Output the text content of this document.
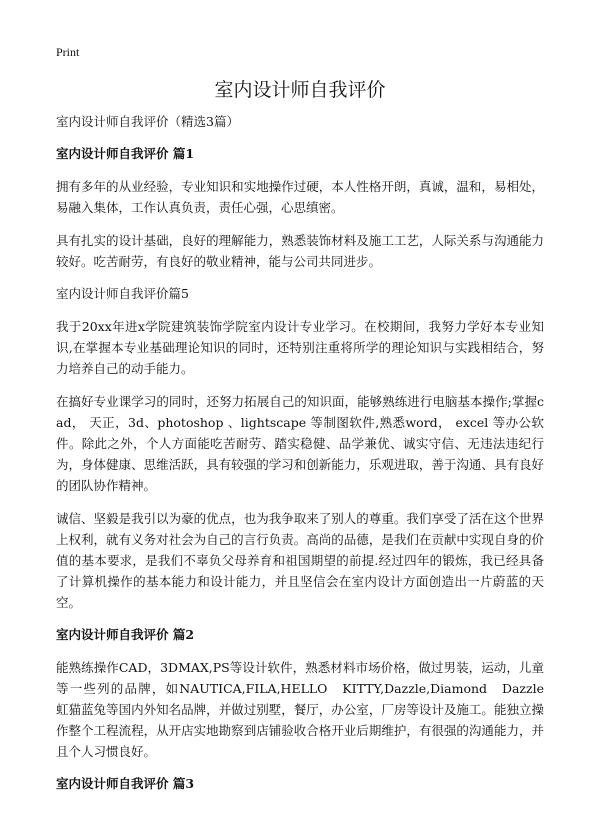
Print

室内设计师自我评价

室内设计师自我评价（精选3篇）

室内设计师自我评价 篇1

拥有多年的从业经验，专业知识和实地操作过硬，本人性格开朗，真诚，温和，易相处，易融入集体，工作认真负责，责任心强，心思缜密。

具有扎实的设计基础，良好的理解能力，熟悉装饰材料及施工工艺，人际关系与沟通能力较好。吃苦耐劳，有良好的敬业精神，能与公司共同进步。

室内设计师自我评价篇5

我于20xx年进x学院建筑装饰学院室内设计专业学习。在校期间，我努力学好本专业知识,在掌握本专业基础理论知识的同时，还特别注重将所学的理论知识与实践相结合，努力培养自己的动手能力。

在搞好专业课学习的同时，还努力拓展自己的知识面，能够熟练进行电脑基本操作;掌握cad， 天正，3d、photoshop 、lightscape 等制图软件,熟悉word， excel 等办公软件。除此之外，个人方面能吃苦耐劳、踏实稳健、品学兼优、诚实守信、无违法违纪行为，身体健康、思维活跃，具有较强的学习和创新能力，乐观进取，善于沟通、具有良好的团队协作精神。

诚信、坚毅是我引以为豪的优点，也为我争取来了别人的尊重。我们享受了活在这个世界上权利，就有义务对社会为自己的言行负责。高尚的品德，是我们在贡献中实现自身的价值的基本要求，是我们不辜负父母养育和祖国期望的前提.经过四年的锻炼，我已经具备了计算机操作的基本能力和设计能力，并且坚信会在室内设计方面创造出一片蔚蓝的天空。

室内设计师自我评价 篇2

能熟练操作CAD，3DMAX,PS等设计软件，熟悉材料市场价格，做过男装，运动，儿童等一些列的品牌，如NAUTICA,FILA,HELLO　KITTY,Dazzle,Diamond　Dazzle 虹猫蓝兔等国内外知名品牌，并做过别墅，餐厅，办公室，厂房等设计及施工。能独立操作整个工程流程，从开店实地勘察到店铺验收合格开业后期维护，有很强的沟通能力，并且个人习惯良好。

室内设计师自我评价 篇3
